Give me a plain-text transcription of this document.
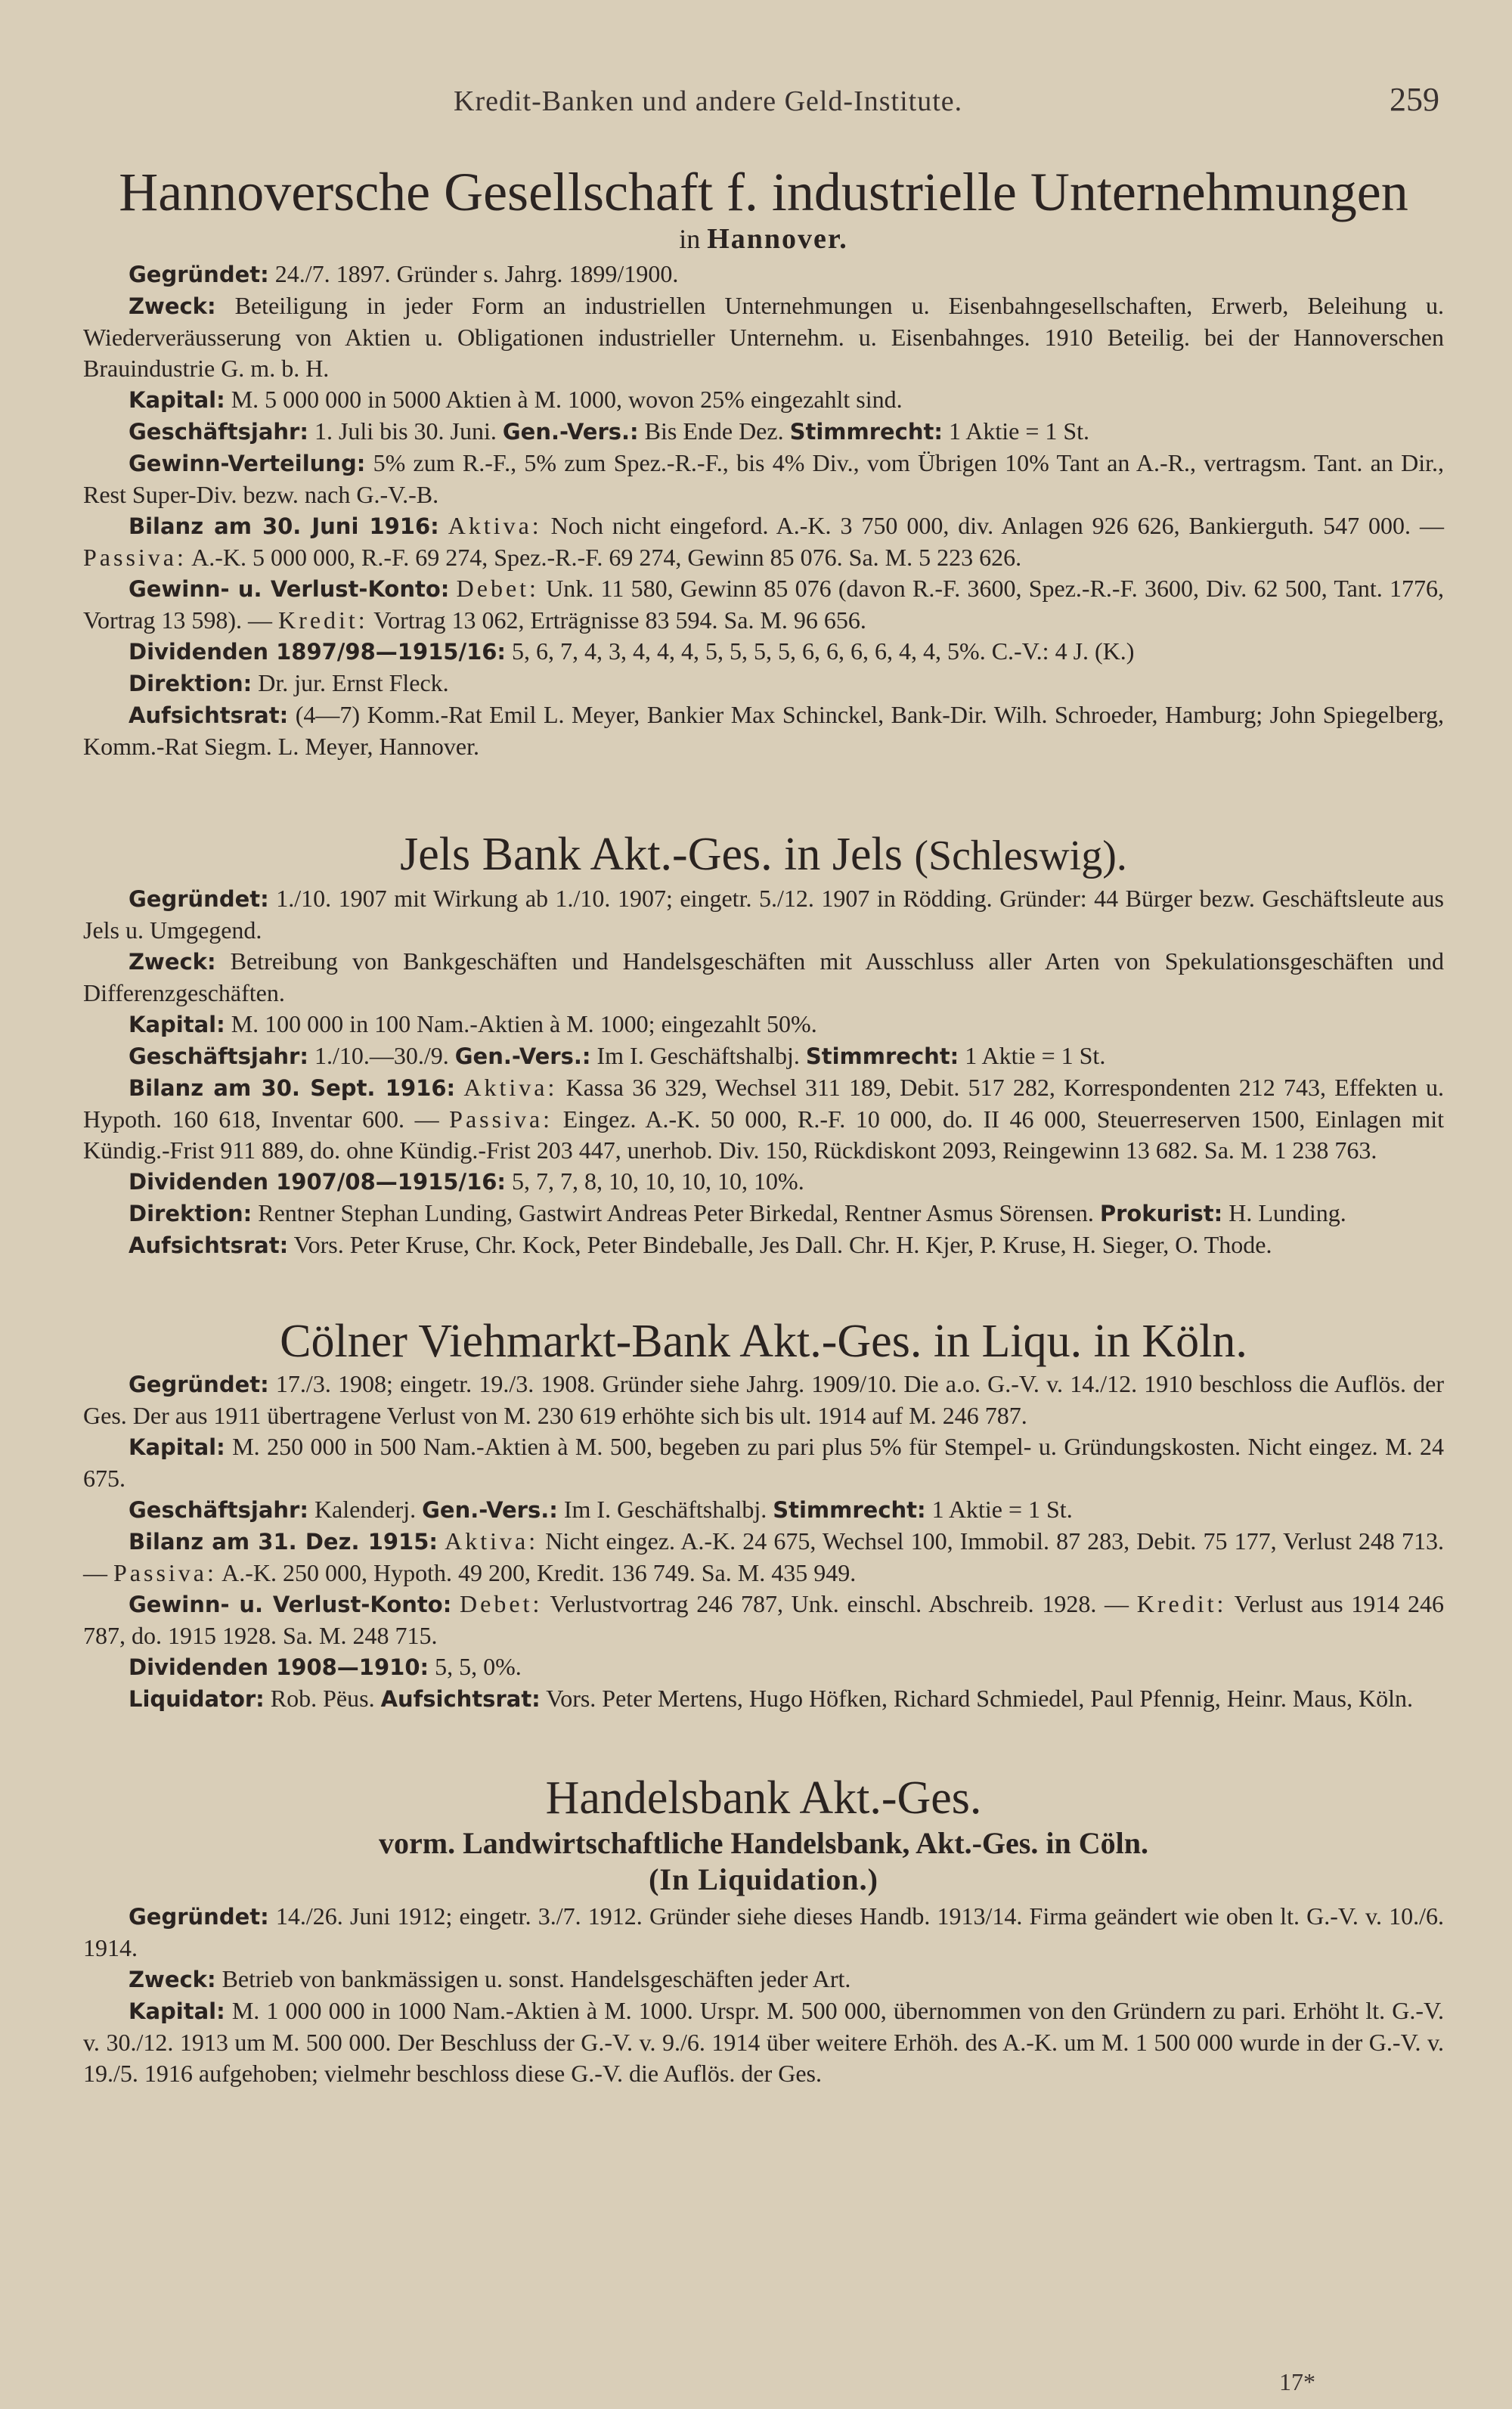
Kredit-Banken und andere Geld-Institute.	259
Hannoversche Gesellschaft f. industrielle Unternehmungen

in Hannover.

Gegründet: 24./7. 1897. Gründer s. Jahrg. 1899/1900.

Zweck: Beteiligung in jeder Form an industriellen Unternehmungen u. Eisenbahngesellschaften, Erwerb, Beleihung u. Wiederveräusserung von Aktien u. Obligationen industrieller Unternehm. u. Eisenbahnges. 1910 Beteilig. bei der Hannoverschen Brauindustrie G. m. b. H.

Kapital: M. 5 000 000 in 5000 Aktien à M. 1000, wovon 25% eingezahlt sind.

Geschäftsjahr: 1. Juli bis 30. Juni. Gen.-Vers.: Bis Ende Dez. Stimmrecht: 1 Aktie = 1 St.

Gewinn-Verteilung: 5% zum R.-F., 5% zum Spez.-R.-F., bis 4% Div., vom Übrigen 10% Tant an A.-R., vertragsm. Tant. an Dir., Rest Super-Div. bezw. nach G.-V.-B.

Bilanz am 30. Juni 1916: Aktiva: Noch nicht eingeford. A.-K. 3 750 000, div. Anlagen 926 626, Bankierguth. 547 000. — Passiva: A.-K. 5 000 000, R.-F. 69 274, Spez.-R.-F. 69 274, Gewinn 85 076. Sa. M. 5 223 626.

Gewinn- u. Verlust-Konto: Debet: Unk. 11 580, Gewinn 85 076 (davon R.-F. 3600, Spez.-R.-F. 3600, Div. 62 500, Tant. 1776, Vortrag 13 598). — Kredit: Vortrag 13 062, Erträgnisse 83 594. Sa. M. 96 656.

Dividenden 1897/98—1915/16: 5, 6, 7, 4, 3, 4, 4, 4, 5, 5, 5, 5, 6, 6, 6, 6, 4, 4, 5%. C.-V.: 4 J. (K.)

Direktion: Dr. jur. Ernst Fleck.

Aufsichtsrat: (4—7) Komm.-Rat Emil L. Meyer, Bankier Max Schinckel, Bank-Dir. Wilh. Schroeder, Hamburg; John Spiegelberg, Komm.-Rat Siegm. L. Meyer, Hannover.

Jels Bank Akt.-Ges. in Jels (Schleswig).

Gegründet: 1./10. 1907 mit Wirkung ab 1./10. 1907; eingetr. 5./12. 1907 in Rödding. Gründer: 44 Bürger bezw. Geschäftsleute aus Jels u. Umgegend.

Zweck: Betreibung von Bankgeschäften und Handelsgeschäften mit Ausschluss aller Arten von Spekulationsgeschäften und Differenzgeschäften.

Kapital: M. 100 000 in 100 Nam.-Aktien à M. 1000; eingezahlt 50%.

Geschäftsjahr: 1./10.—30./9. Gen.-Vers.: Im I. Geschäftshalbj. Stimmrecht: 1 Aktie = 1 St.

Bilanz am 30. Sept. 1916: Aktiva: Kassa 36 329, Wechsel 311 189, Debit. 517 282, Korrespondenten 212 743, Effekten u. Hypoth. 160 618, Inventar 600. — Passiva: Eingez. A.-K. 50 000, R.-F. 10 000, do. II 46 000, Steuerreserven 1500, Einlagen mit Kündig.-Frist 911 889, do. ohne Kündig.-Frist 203 447, unerhob. Div. 150, Rückdiskont 2093, Reingewinn 13 682. Sa. M. 1 238 763.

Dividenden 1907/08—1915/16: 5, 7, 7, 8, 10, 10, 10, 10, 10%.

Direktion: Rentner Stephan Lunding, Gastwirt Andreas Peter Birkedal, Rentner Asmus Sörensen. Prokurist: H. Lunding.

Aufsichtsrat: Vors. Peter Kruse, Chr. Kock, Peter Bindeballe, Jes Dall. Chr. H. Kjer, P. Kruse, H. Sieger, O. Thode.

Cölner Viehmarkt-Bank Akt.-Ges. in Liqu. in Köln.

Gegründet: 17./3. 1908; eingetr. 19./3. 1908. Gründer siehe Jahrg. 1909/10. Die a.o. G.-V. v. 14./12. 1910 beschloss die Auflös. der Ges. Der aus 1911 übertragene Verlust von M. 230 619 erhöhte sich bis ult. 1914 auf M. 246 787.

Kapital: M. 250 000 in 500 Nam.-Aktien à M. 500, begeben zu pari plus 5% für Stempel- u. Gründungskosten. Nicht eingez. M. 24 675.

Geschäftsjahr: Kalenderj. Gen.-Vers.: Im I. Geschäftshalbj. Stimmrecht: 1 Aktie = 1 St.

Bilanz am 31. Dez. 1915: Aktiva: Nicht eingez. A.-K. 24 675, Wechsel 100, Immobil. 87 283, Debit. 75 177, Verlust 248 713. — Passiva: A.-K. 250 000, Hypoth. 49 200, Kredit. 136 749. Sa. M. 435 949.

Gewinn- u. Verlust-Konto: Debet: Verlustvortrag 246 787, Unk. einschl. Abschreib. 1928. — Kredit: Verlust aus 1914 246 787, do. 1915 1928. Sa. M. 248 715.

Dividenden 1908—1910: 5, 5, 0%.

Liquidator: Rob. Pëus. Aufsichtsrat: Vors. Peter Mertens, Hugo Höfken, Richard Schmiedel, Paul Pfennig, Heinr. Maus, Köln.

Handelsbank Akt.-Ges.

vorm. Landwirtschaftliche Handelsbank, Akt.-Ges. in Cöln.

(In Liquidation.)

Gegründet: 14./26. Juni 1912; eingetr. 3./7. 1912. Gründer siehe dieses Handb. 1913/14. Firma geändert wie oben lt. G.-V. v. 10./6. 1914.

Zweck: Betrieb von bankmässigen u. sonst. Handelsgeschäften jeder Art.

Kapital: M. 1 000 000 in 1000 Nam.-Aktien à M. 1000. Urspr. M. 500 000, übernommen von den Gründern zu pari. Erhöht lt. G.-V. v. 30./12. 1913 um M. 500 000. Der Beschluss der G.-V. v. 9./6. 1914 über weitere Erhöh. des A.-K. um M. 1 500 000 wurde in der G.-V. v. 19./5. 1916 aufgehoben; vielmehr beschloss diese G.-V. die Auflös. der Ges.

17*
